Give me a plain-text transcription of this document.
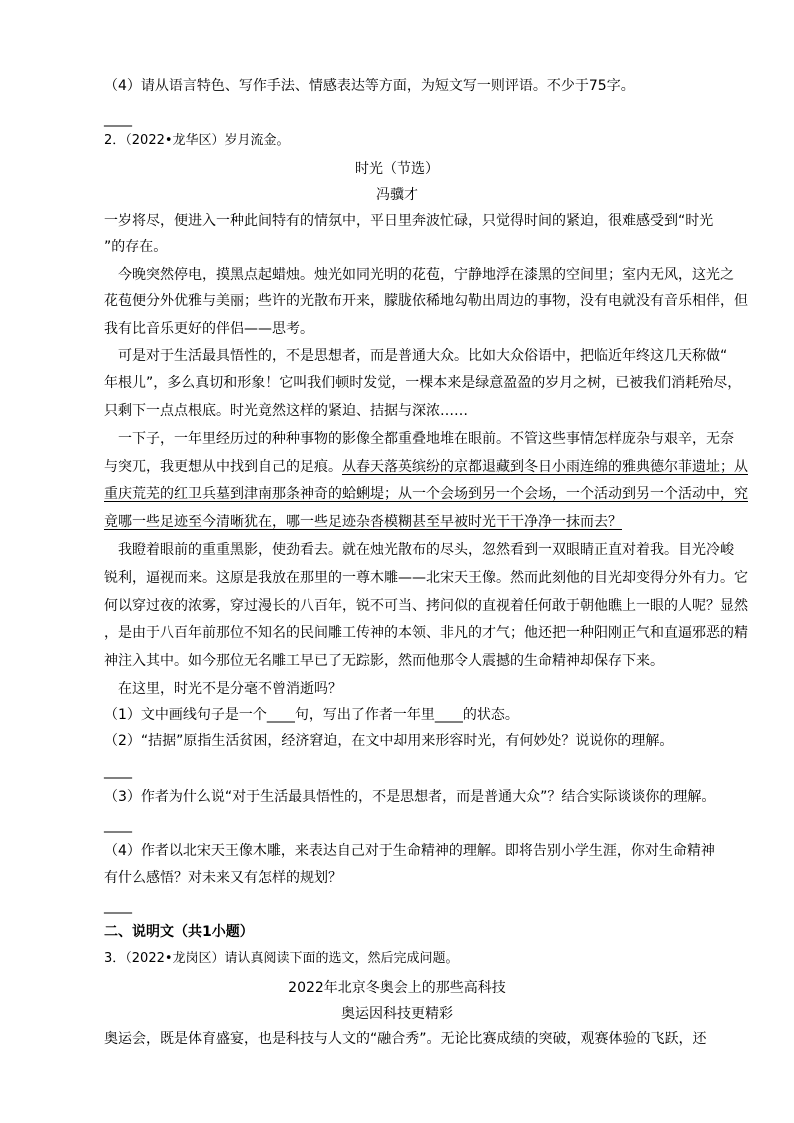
（4）请从语言特色、写作手法、情感表达等方面，为短文写一则评语。不少于75字。
____
2．（2022•龙华区）岁月流金。
时光（节选）
冯骥才
一岁将尽，便进入一种此间特有的情氛中，平日里奔波忙碌，只觉得时间的紧迫，很难感受到“时光
”的存在。
今晚突然停电，摸黑点起蜡烛。烛光如同光明的花苞，宁静地浮在漆黑的空间里；室内无风，这光之
花苞便分外优雅与美丽；些许的光散布开来，朦胧依稀地勾勒出周边的事物，没有电就没有音乐相伴，但
我有比音乐更好的伴侣——思考。
可是对于生活最具悟性的，不是思想者，而是普通大众。比如大众俗语中，把临近年终这几天称做“
年根儿”，多么真切和形象！它叫我们顿时发觉，一棵本来是绿意盈盈的岁月之树，已被我们消耗殆尽，
只剩下一点点根底。时光竟然这样的紧迫、拮据与深浓……
一下子，一年里经历过的种种事物的影像全都重叠地堆在眼前。不管这些事情怎样庞杂与艰辛，无奈
与突兀，我更想从中找到自己的足痕。从春天落英缤纷的京都退藏到冬日小雨连绵的雅典德尔菲遗址；从
重庆荒芜的红卫兵墓到津南那条神奇的蛤蜊堤；从一个会场到另一个会场，一个活动到另一个活动中，究
竟哪一些足迹至今清晰犹在，哪一些足迹杂沓模糊甚至早被时光干干净净一抹而去？
我瞪着眼前的重重黑影，使劲看去。就在烛光散布的尽头，忽然看到一双眼睛正直对着我。目光冷峻
锐利，逼视而来。这原是我放在那里的一尊木雕——北宋天王像。然而此刻他的目光却变得分外有力。它
何以穿过夜的浓雾，穿过漫长的八百年，锐不可当、拷问似的直视着任何敢于朝他瞧上一眼的人呢？显然
，是由于八百年前那位不知名的民间雕工传神的本领、非凡的才气；他还把一种阳刚正气和直逼邪恶的精
神注入其中。如今那位无名雕工早已了无踪影，然而他那令人震撼的生命精神却保存下来。
在这里，时光不是分毫不曾消逝吗？
（1）文中画线句子是一个____句，写出了作者一年里____的状态。
（2）“拮据”原指生活贫困，经济窘迫，在文中却用来形容时光，有何妙处？说说你的理解。
____
（3）作者为什么说“对于生活最具悟性的，不是思想者，而是普通大众”？结合实际谈谈你的理解。
____
（4）作者以北宋天王像木雕，来表达自己对于生命精神的理解。即将告别小学生涯，你对生命精神
有什么感悟？对未来又有怎样的规划？
____
二、说明文（共1小题）
3．（2022•龙岗区）请认真阅读下面的选文，然后完成问题。
2022年北京冬奥会上的那些高科技
奥运因科技更精彩
奥运会，既是体育盛宴，也是科技与人文的“融合秀”。无论比赛成绩的突破，观赛体验的飞跃，还
